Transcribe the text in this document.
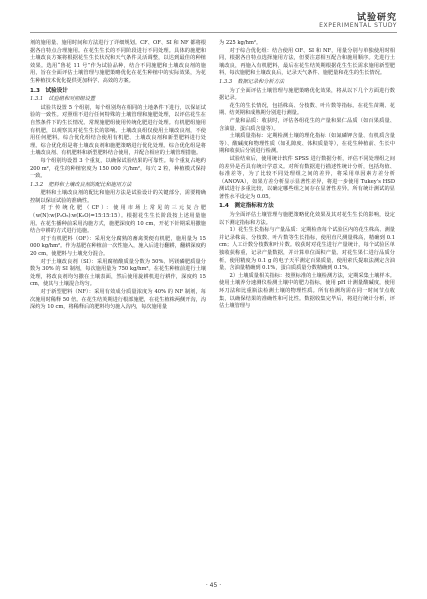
试验研究
EXPERIMENTAL STUDY
剂的施用量、施用时间和方法进行了详细规划。CF、OF、SI 和 NF 都将根据各自特点合理施用。在花生生长的不同阶段进行不同处理。具体的施肥和土壤改良方案将根据花生生长状况和天气条件灵活调整，以达到最佳的种植效果。选用“鲁花 11 号”作为试验品种，结合不同施肥和土壤改良剂的施用，旨在全面评估土壤管理与施肥策略优化在花生种植中的实际效果，为花生种植技术优化提供更加科学、高效的方案。
1.3　试验设计
1.3.1　试验组和对照组设置
试验共设置 5 个组别，每个组别均在相同的土地条件下进行，以保证试验的一致性。对照组不进行任何特殊的土壤管理和施肥处理，以评估花生在自然条件下的生长情况。常规施肥组使用传统化肥进行处理。有机肥组施用有机肥，以观察其对花生生长的影响。土壤改良组仅使用土壤改良剂，不使用任何肥料。综合优化组结合使用有机肥、土壤改良剂和新型肥料进行处理。综合优化组是将土壤改良剂和施肥策略进行优化处理。综合优化组是将土壤改良剂、有机肥料和新型肥料结合使用，并配合相应的土壤管理措施。
每个组别均设置 3 个重复，以确保试验结果的可靠性。每个重复占地约 200 m²，花生的种植密度为 150 000 穴/hm²，每穴 2 粒，种植模式保持一致。
1.3.2　肥料和土壤改良剂的配比和施用方法
肥料和土壤改良剂的配比和施用方法是试验设计的关键部分，需要精确控制以保证试验的准确性。
对于传统化肥（CF）：使用市场上常见的三元复合肥（w(N)∶w(P₂O₅)∶w(K₂O)=15∶15∶15）。根据花生生长阶段按上述用量施用。在花生播种前采用沟施方式，施肥深度约 10 cm，开花下针期采用撒施结合中耕的方式进行追施。
对于有机肥料（OF）：采用充分腐熟的畜禽粪便有机肥，施用量为 15 000 kg/hm²。作为基肥在种植前一次性施入，施入后进行翻耕，翻耕深度约 20 cm，使肥料与土壤充分混合。
对于土壤改良剂（SI）：采用腐植酸质量分数为 50%、钙镁磷肥质量分数为 30% 的 SI 制剂，每次施用量为 750 kg/hm²。在花生种植前进行土壤处理，将改良剂均匀撒在土壤表面，然后使用旋耕机进行耕作，深度约 15 cm，使其与土壤混合均匀。
对于新型肥料（NF）：采用有效成分质量浓度为 40% 的 NF 制剂，每次施用时稀释 50 倍。在花生结荚期进行根部施肥，在花生植株两侧开沟，沟深约为 10 cm，将稀释后的肥料均匀施入沟内，每次施用量
为 225 kg/hm²。
对于综合优化组：结合使用 OF、SI 和 NF，用量分别与单独使用时相同，根据各自特点选择施用方法，但要注意相互配合和施用顺序。先进行土壤改良，再施入有机肥料，最后在花生结荚期根据花生生长需求施用新型肥料，每次施肥和土壤改良后，记录天气条件、施肥量和花生的生长情况。
1.3.3　数据记录和分析方法
为了全面评估土壤管理与施肥策略优化效果，将从以下几个方面进行数据记录。
花生的生长情况，包括株高、分枝数、叶片数等指标。在花生苗期、花期、结荚期和成熟期分别进行测量。
产量和品质：收获时，评估各组花生的产量和果仁品质（如百果质量、含油量、蛋白质含量等）。
土壤质量指标：定期检测土壤的理化指标（如氮磷钾含量、有机质含量等）、酸碱度和物理性质（如孔隙度、体积质量等），在花生种植前、生长中期和收获后分别进行检测。
试验结束后，使用统计软件 SPSS 进行数据分析，评估不同处理组之间的差异是否具有统计学意义。对所有数据进行描述性统计分析，包括均值、标准差等，为了比较不同处理组之间的差异，将采用单因素方差分析（ANOVA），如果方差分析显示显著性差异，将进一步使用 Tukey’s HSD 测试进行多重比较，以确定哪些组之间存在显著性差异。所有统计测试的显著性水平设定为 0.05。
1.4　测定指标和方法
为全面评估土壤管理与施肥策略优化效果及其对花生生长的影响，设定以下测定指标和方法。
1）花生生长指标与产量品质：定期检查每个试验区内的花生株高、测量并记录株高、分枝数、叶片数等生长指标，使用直尺测量株高，精确到 0.1 cm；人工计数分枝数和叶片数。收获时对花生进行产量统计，每个试验区单独收获称重，记录产量数据，并计算单位面积产量。对花生果仁进行品质分析，使用精度为 0.1 g 的电子天平测定百果质量，使用索氏提取法测定含油量，含油量精确到 0.1%，蛋白质质量分数精确到 0.1%。
2）土壤质量相关指标：按照标准的土壤检测方法，定期采集土壤样本。使用土壤养分速测仪检测土壤中的肥力指标，使用 pH 计测量酸碱度，使用环刀法和比重瓶法检测土壤的物理性质。所有检测均需在同一时间节点收集，以确保结果的准确性和可比性。数据收集完毕后，将进行统计分析，评估土壤管理与
· 45 ·
